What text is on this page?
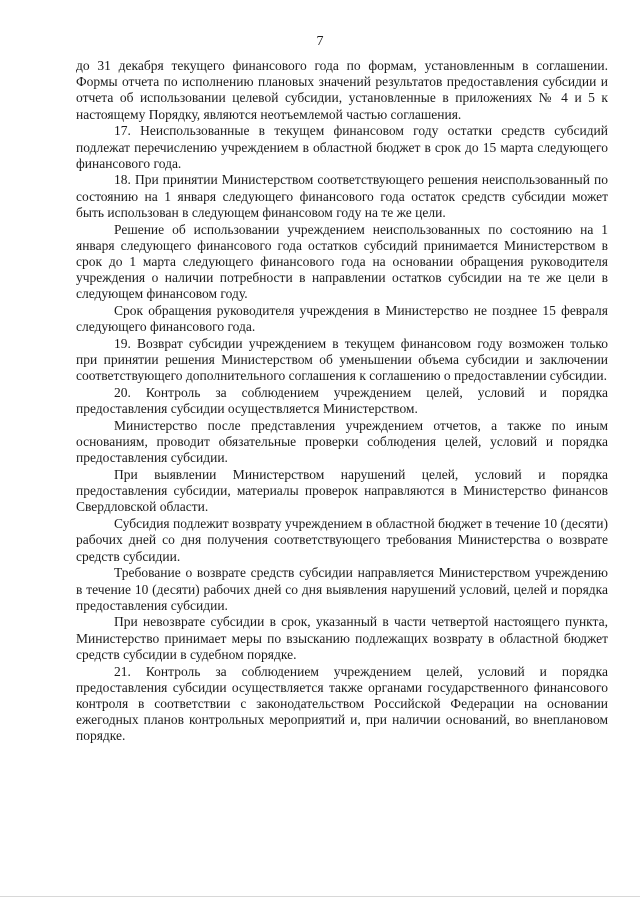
7

до 31 декабря текущего финансового года по формам, установленным в соглашении. Формы отчета по исполнению плановых значений результатов предоставления субсидии и отчета об использовании целевой субсидии, установленные в приложениях № 4 и 5 к настоящему Порядку, являются неотъемлемой частью соглашения.

17. Неиспользованные в текущем финансовом году остатки средств субсидий подлежат перечислению учреждением в областной бюджет в срок до 15 марта следующего финансового года.

18. При принятии Министерством соответствующего решения неиспользованный по состоянию на 1 января следующего финансового года остаток средств субсидии может быть использован в следующем финансовом году на те же цели.

Решение об использовании учреждением неиспользованных по состоянию на 1 января следующего финансового года остатков субсидий принимается Министерством в срок до 1 марта следующего финансового года на основании обращения руководителя учреждения о наличии потребности в направлении остатков субсидии на те же цели в следующем финансовом году.

Срок обращения руководителя учреждения в Министерство не позднее 15 февраля следующего финансового года.

19. Возврат субсидии учреждением в текущем финансовом году возможен только при принятии решения Министерством об уменьшении объема субсидии и заключении соответствующего дополнительного соглашения к соглашению о предоставлении субсидии.

20. Контроль за соблюдением учреждением целей, условий и порядка предоставления субсидии осуществляется Министерством.

Министерство после представления учреждением отчетов, а также по иным основаниям, проводит обязательные проверки соблюдения целей, условий и порядка предоставления субсидии.

При выявлении Министерством нарушений целей, условий и порядка предоставления субсидии, материалы проверок направляются в Министерство финансов Свердловской области.

Субсидия подлежит возврату учреждением в областной бюджет в течение 10 (десяти) рабочих дней со дня получения соответствующего требования Министерства о возврате средств субсидии.

Требование о возврате средств субсидии направляется Министерством учреждению в течение 10 (десяти) рабочих дней со дня выявления нарушений условий, целей и порядка предоставления субсидии.

При невозврате субсидии в срок, указанный в части четвертой настоящего пункта, Министерство принимает меры по взысканию подлежащих возврату в областной бюджет средств субсидии в судебном порядке.

21. Контроль за соблюдением учреждением целей, условий и порядка предоставления субсидии осуществляется также органами государственного финансового контроля в соответствии с законодательством Российской Федерации на основании ежегодных планов контрольных мероприятий и, при наличии оснований, во внеплановом порядке.
